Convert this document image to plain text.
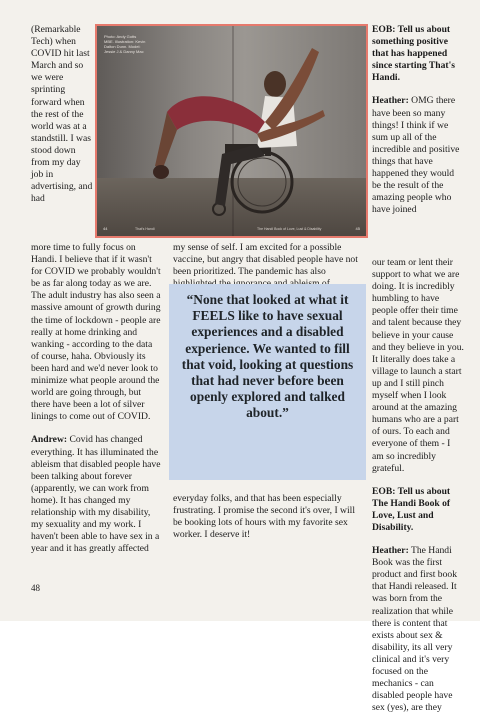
(Remarkable Tech) when COVID hit last March and so we were sprinting forward when the rest of the world was at a standstill. I was stood down from my day job in advertising, and had

Photo: Andy Gotts MBE. Illustration: Kevin Dalton Dunn. Model: Jessie J & Danny Mac
44	That's Handi	The Handi Book of Love, Lust & Disability	45

more time to fully focus on Handi. I believe that if it wasn't for COVID we probably wouldn't be as far along today as we are. The adult industry has also seen a massive amount of growth during the time of lockdown - people are really at home drinking and wanking - according to the data of course, haha. Obviously its been hard and we'd never look to minimize what people around the world are going through, but there have been a lot of silver linings to come out of COVID.

Andrew: Covid has changed everything. It has illuminated the ableism that disabled people have been talking about forever (apparently, we can work from home). It has changed my relationship with my disability, my sexuality and my work. I haven't been able to have sex in a year and it has greatly affected

my sense of self. I am excited for a possible vaccine, but angry that disabled people have not been prioritized. The pandemic has also

“None that looked at what it FEELS like to have sexual experiences and a disabled experience. We wanted to fill that void, looking at questions that had never before been openly explored and talked about.”

everyday folks, and that has been especially frustrating. I promise the second it's over, I will be booking lots of hours with my favorite sex worker. I deserve it!

EOB: Tell us about something positive that has happened since starting That's Handi.

Heather: OMG there have been so many things! I think if we sum up all of the incredible and positive things that have happened they would be the result of the amazing people who have joined

our team or lent their support to what we are doing. It is incredibly humbling to have people offer their time and talent because they believe in your cause and they believe in you. It literally does take a village to launch a start up and I still pinch myself when I look around at the amazing humans who are a part of ours. To each and everyone of them - I am so incredibly grateful.

EOB: Tell us about The Handi Book of Love, Lust and Disability.

Heather: The Handi Book was the first product and first book that Handi released. It was born from the realization that while there is content that exists about sex & disability, its all very clinical and it's very focused on the mechanics - can disabled people have sex (yes), are they

48
